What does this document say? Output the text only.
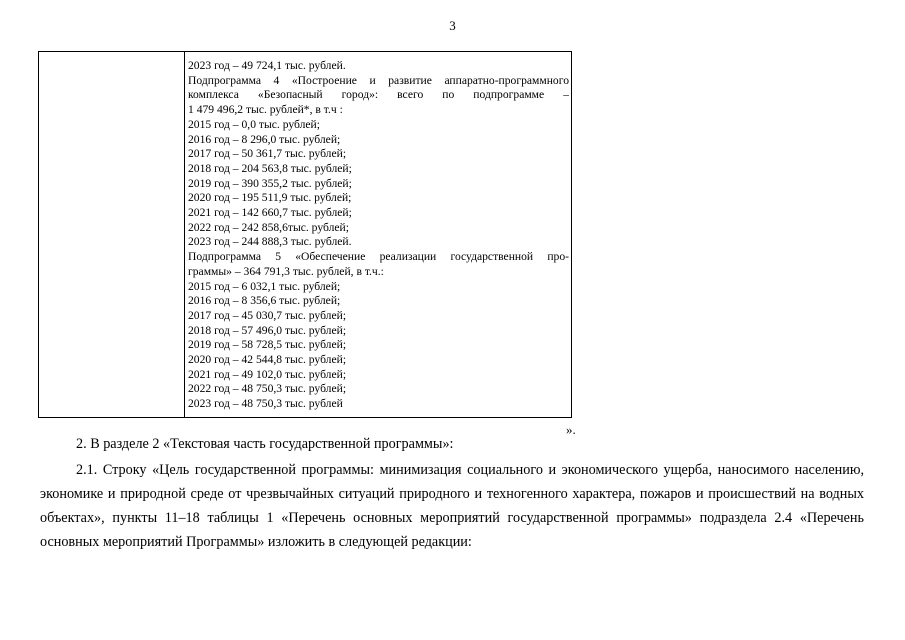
3
2023 год – 49 724,1 тыс. рублей.
Подпрограмма 4 «Построение и развитие аппаратно-программного
комплекса «Безопасный город»: всего по подпрограмме –
1 479 496,2 тыс. рублей*, в т.ч :
2015 год – 0,0 тыс. рублей;
2016 год – 8 296,0 тыс. рублей;
2017 год – 50 361,7 тыс. рублей;
2018 год – 204 563,8 тыс. рублей;
2019 год – 390 355,2 тыс. рублей;
2020 год – 195 511,9 тыс. рублей;
2021 год – 142 660,7 тыс. рублей;
2022 год – 242 858,6тыс. рублей;
2023 год – 244 888,3 тыс. рублей.
Подпрограмма 5 «Обеспечение реализации государственной про-
граммы» – 364 791,3 тыс. рублей, в т.ч.:
2015 год – 6 032,1 тыс. рублей;
2016 год – 8 356,6 тыс. рублей;
2017 год – 45 030,7 тыс. рублей;
2018 год – 57 496,0 тыс. рублей;
2019 год – 58 728,5 тыс. рублей;
2020 год – 42 544,8 тыс. рублей;
2021 год – 49 102,0 тыс. рублей;
2022 год – 48 750,3 тыс. рублей;
2023 год – 48 750,3 тыс. рублей
».
2. В разделе 2 «Текстовая часть государственной программы»:
2.1. Строку «Цель государственной программы: минимизация социального и экономического ущерба, наносимого населению, экономике и природной среде от чрезвычайных ситуаций природного и техногенного характера, пожаров и происшествий на водных объектах», пункты 11–18 таблицы 1 «Перечень основных мероприятий государственной программы» подраздела 2.4 «Перечень основных мероприятий Программы» изложить в следующей редакции:
